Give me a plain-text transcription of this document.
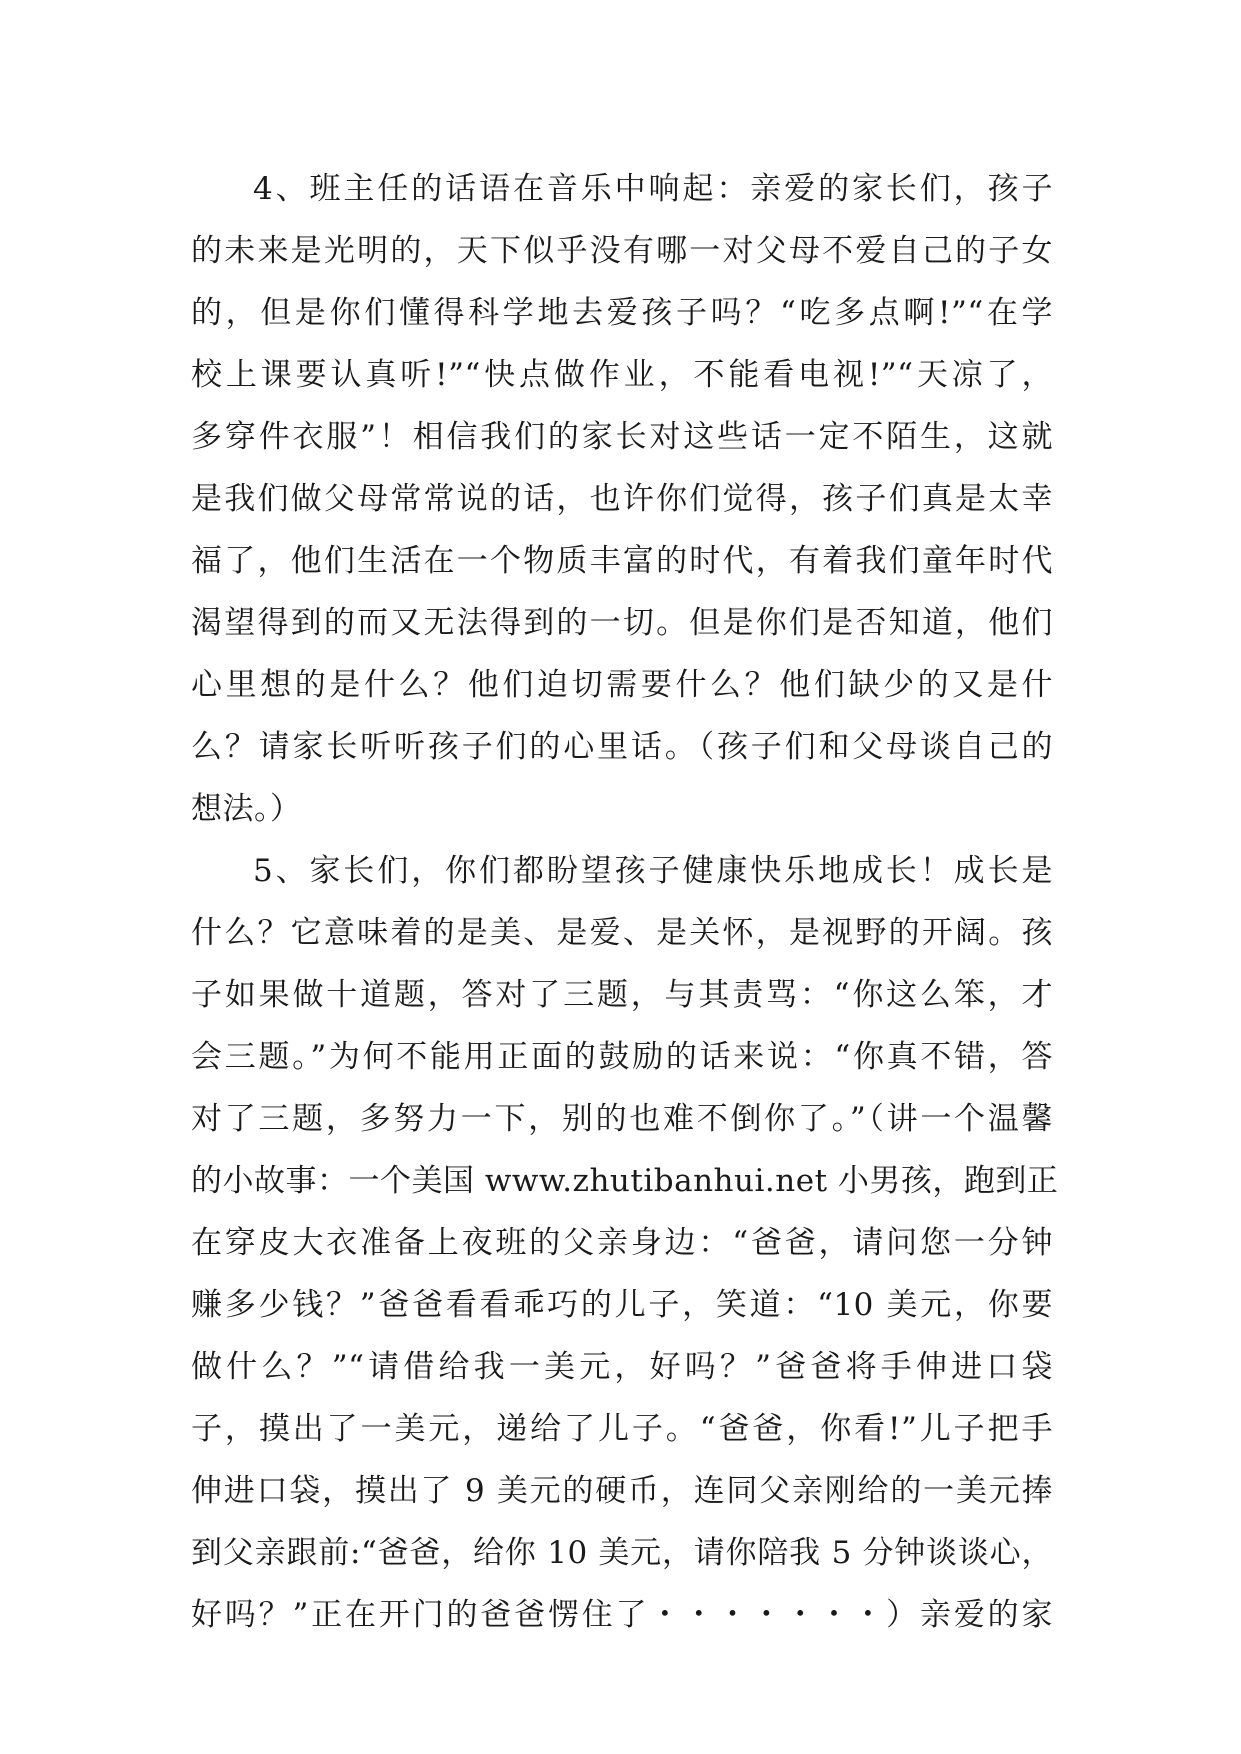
4、班主任的话语在音乐中响起：亲爱的家长们，孩子
的未来是光明的，天下似乎没有哪一对父母不爱自己的子女
的，但是你们懂得科学地去爱孩子吗？“吃多点啊!”“在学
校上课要认真听!”“快点做作业，不能看电视!”“天凉了，
多穿件衣服”！相信我们的家长对这些话一定不陌生，这就
是我们做父母常常说的话，也许你们觉得，孩子们真是太幸
福了，他们生活在一个物质丰富的时代，有着我们童年时代
渴望得到的而又无法得到的一切。但是你们是否知道，他们
心里想的是什么？他们迫切需要什么？他们缺少的又是什
么？请家长听听孩子们的心里话。（孩子们和父母谈自己的
想法。）
5、家长们，你们都盼望孩子健康快乐地成长！成长是
什么？它意味着的是美、是爱、是关怀，是视野的开阔。孩
子如果做十道题，答对了三题，与其责骂：“你这么笨，才
会三题。”为何不能用正面的鼓励的话来说：“你真不错，答
对了三题，多努力一下，别的也难不倒你了。”（讲一个温馨
的小故事：一个美国 www.zhutibanhui.net 小男孩，跑到正
在穿皮大衣准备上夜班的父亲身边：“爸爸，请问您一分钟
赚多少钱？”爸爸看看乖巧的儿子，笑道：“10 美元，你要
做什么？”“请借给我一美元，好吗？”爸爸将手伸进口袋
子，摸出了一美元，递给了儿子。“爸爸，你看!”儿子把手
伸进口袋，摸出了 9 美元的硬币，连同父亲刚给的一美元捧
到父亲跟前:“爸爸，给你 10 美元，请你陪我 5 分钟谈谈心，
好吗？”正在开门的爸爸愣住了・・・・・・・）亲爱的家
